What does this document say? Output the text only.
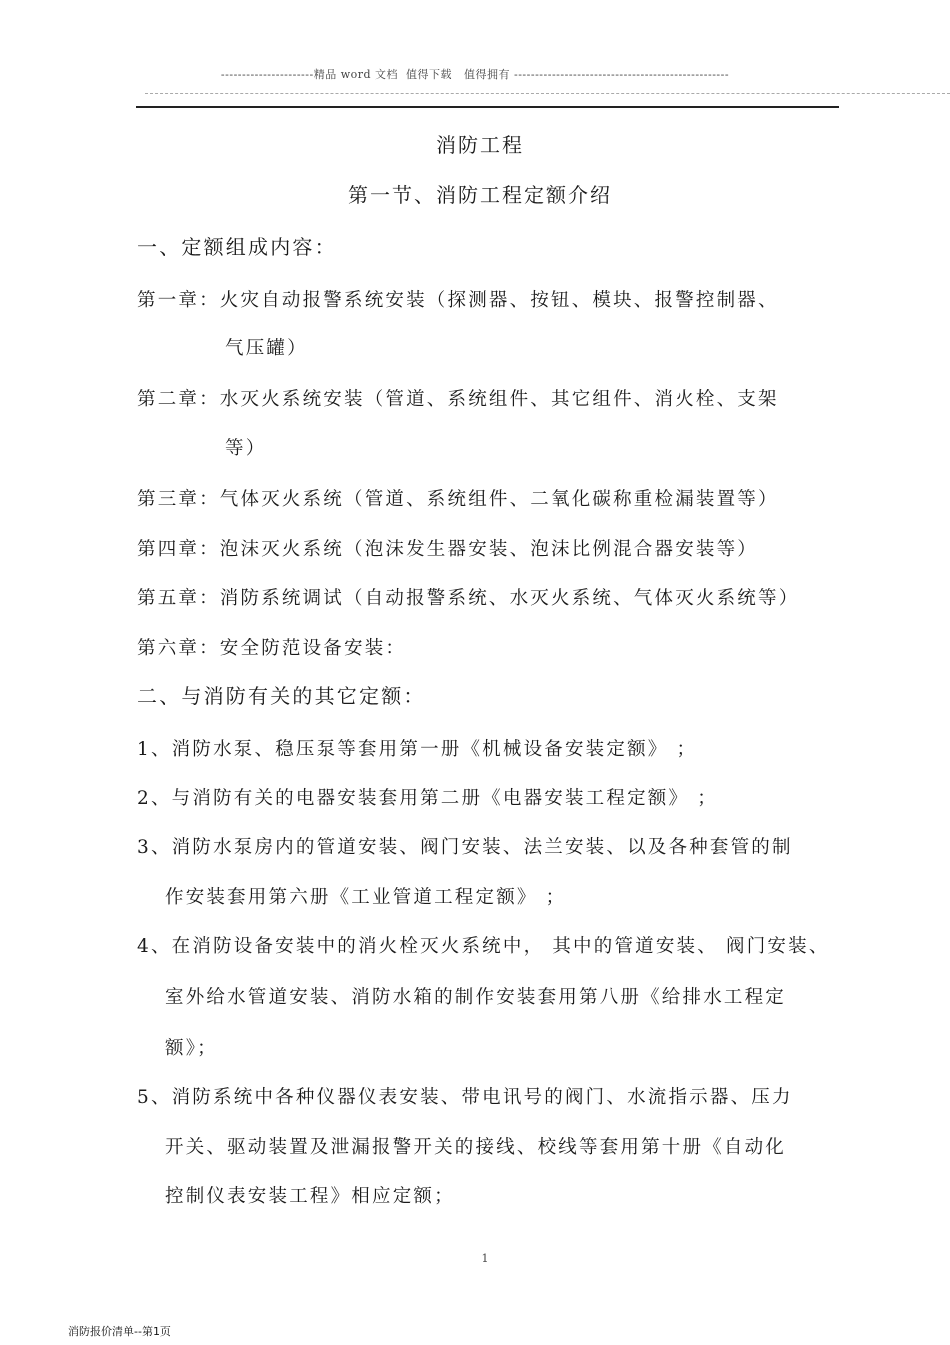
----------------------精品 word 文档  值得下载   值得拥有 ---------------------------------------------------
消防工程
第一节、消防工程定额介绍
一、定额组成内容：
第一章：火灾自动报警系统安装（探测器、按钮、模块、报警控制器、
气压罐）
第二章：水灭火系统安装（管道、系统组件、其它组件、消火栓、支架
等）
第三章：气体灭火系统（管道、系统组件、二氧化碳称重检漏装置等）
第四章：泡沫灭火系统（泡沫发生器安装、泡沫比例混合器安装等）
第五章：消防系统调试（自动报警系统、水灭火系统、气体灭火系统等）
第六章：安全防范设备安装：
二、与消防有关的其它定额：
1、消防水泵、稳压泵等套用第一册《机械设备安装定额》 ；
2、与消防有关的电器安装套用第二册《电器安装工程定额》 ；
3、消防水泵房内的管道安装、阀门安装、法兰安装、以及各种套管的制
作安装套用第六册《工业管道工程定额》 ；
4、在消防设备安装中的消火栓灭火系统中， 其中的管道安装、 阀门安装、
室外给水管道安装、消防水箱的制作安装套用第八册《给排水工程定
额》；
5、消防系统中各种仪器仪表安装、带电讯号的阀门、水流指示器、压力
开关、驱动装置及泄漏报警开关的接线、校线等套用第十册《自动化
控制仪表安装工程》相应定额；
1
消防报价清单--第1页
